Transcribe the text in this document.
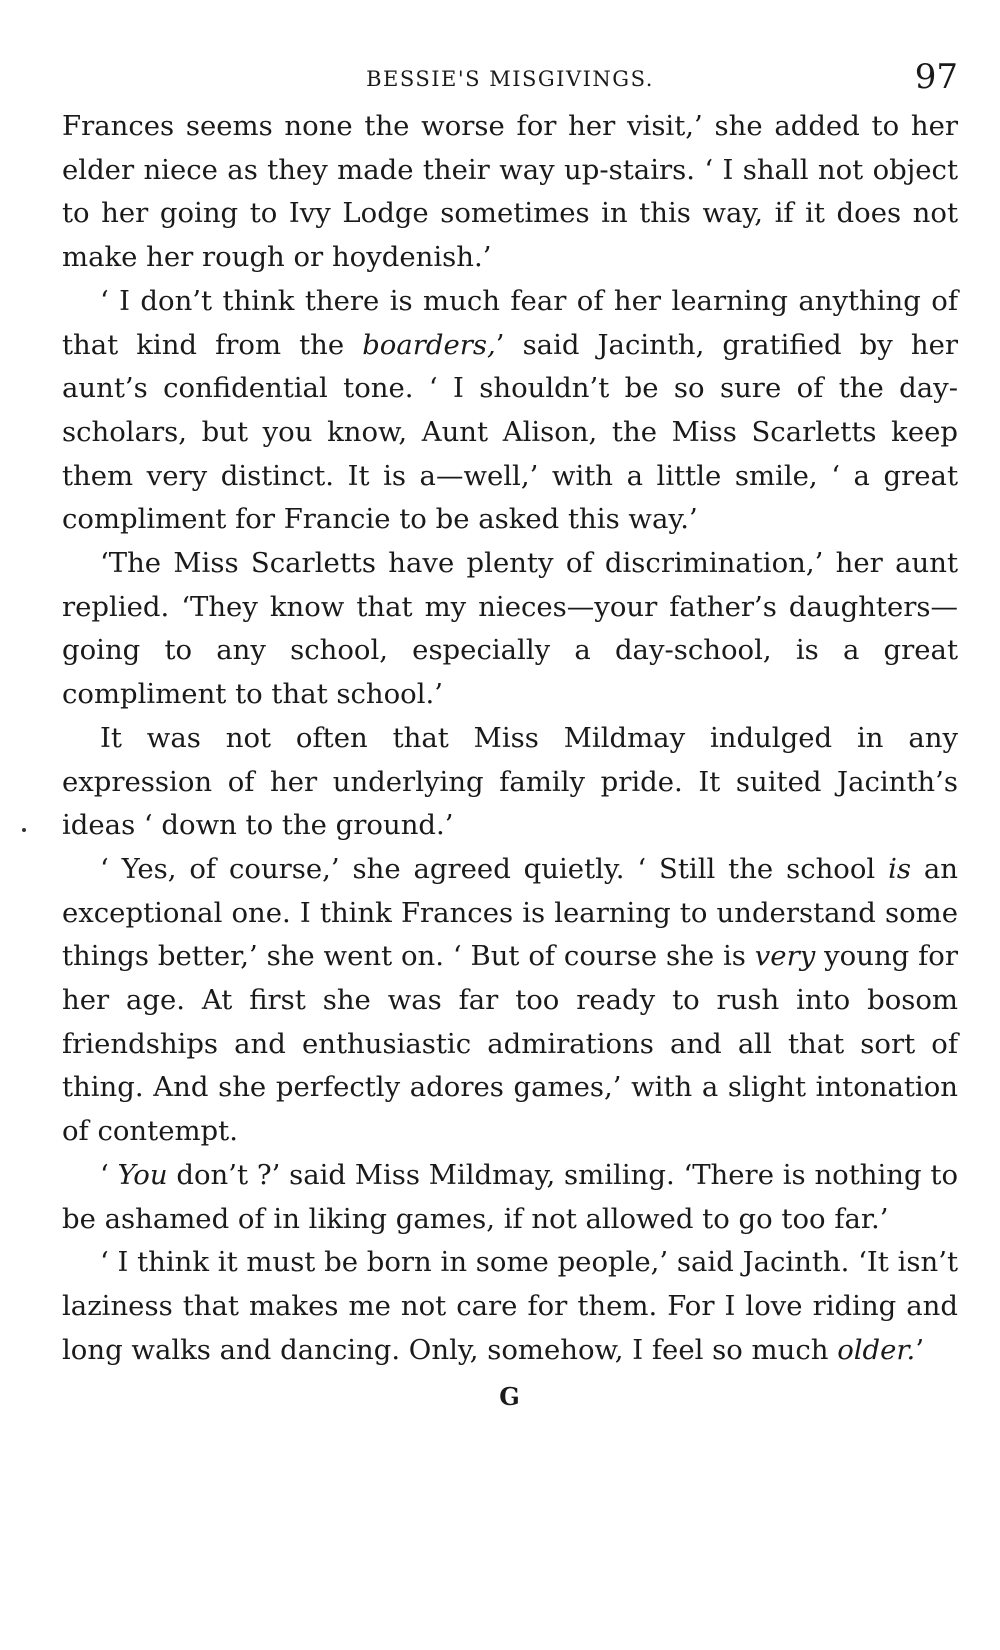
BESSIE'S MISGIVINGS.	97

Frances seems none the worse for her visit,’ she added to her elder niece as they made their way up-stairs. ‘ I shall not object to her going to Ivy Lodge sometimes in this way, if it does not make her rough or hoydenish.’

‘ I don’t think there is much fear of her learning anything of that kind from the boarders,’ said Jacinth, gratified by her aunt’s confidential tone. ‘ I shouldn’t be so sure of the day-scholars, but you know, Aunt Alison, the Miss Scarletts keep them very distinct. It is a—well,’ with a little smile, ‘ a great compliment for Francie to be asked this way.’

‘The Miss Scarletts have plenty of discrimination,’ her aunt replied. ‘They know that my nieces—your father’s daughters—going to any school, especially a day-school, is a great compliment to that school.’

It was not often that Miss Mildmay indulged in any expression of her underlying family pride. It suited Jacinth’s ideas ‘ down to the ground.’

‘ Yes, of course,’ she agreed quietly. ‘ Still the school is an exceptional one. I think Frances is learning to understand some things better,’ she went on. ‘ But of course she is very young for her age. At first she was far too ready to rush into bosom friendships and enthusiastic admirations and all that sort of thing. And she perfectly adores games,’ with a slight intonation of contempt.

‘ You don’t ?’ said Miss Mildmay, smiling. ‘There is nothing to be ashamed of in liking games, if not allowed to go too far.’

‘ I think it must be born in some people,’ said Jacinth. ‘It isn’t laziness that makes me not care for them. For I love riding and long walks and dancing. Only, somehow, I feel so much older.’

G
